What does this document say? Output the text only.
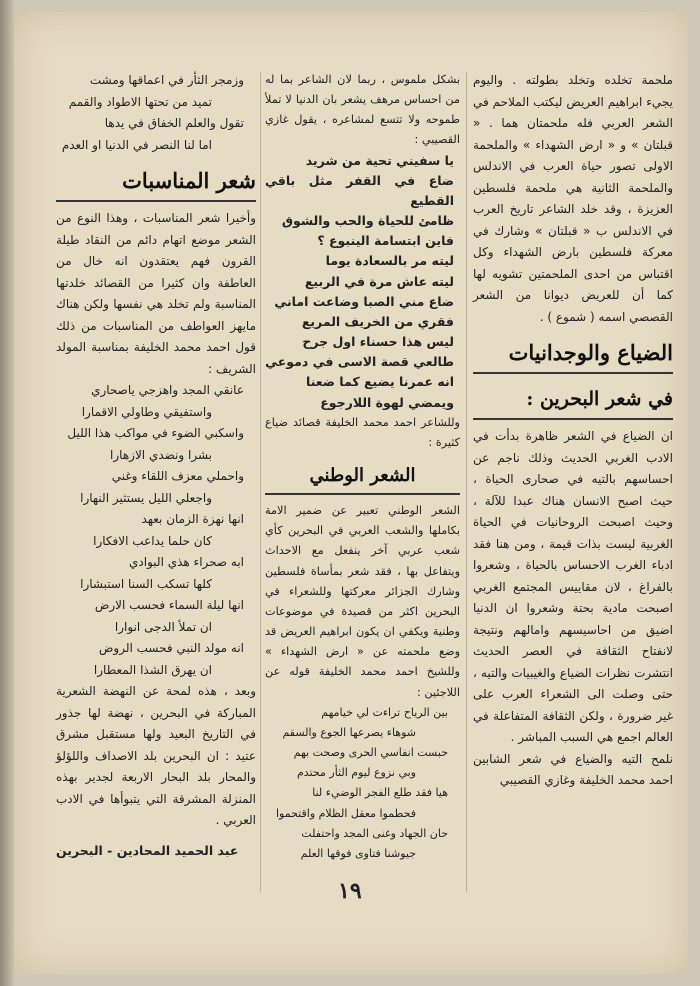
ملحمة تخلده وتخلد بطولته . واليوم يجيء ابراهيم العريض ليكتب الملاحم في الشعر العربي فله ملحمتان هما . « قبلتان » و « ارض الشهداء » والملحمة الاولى تصور حياة العرب في الاندلس والملحمة الثانية هي ملحمة فلسطين العزيزة ، وقد خلد الشاعر تاريخ العرب في الاندلس ب « قبلتان » وشارك في معركة فلسطين بارض الشهداء وكل اقتباس من احدى الملحمتين تشويه لها كما أن للعريض ديوانا من الشعر القصصي اسمه ( شموع ) .

الضياع والوجدانيات
في شعر البحرين :

ان الضياع في الشعر ظاهرة بدأت في الادب الغربي الحديث وذلك ناجم عن احساسهم بالتيه في صحارى الحياة ، حيث اصبح الانسان هناك عبدا للآلة ، وحيث اصبحت الروحانيات في الحياة الغربية ليست بذات قيمة ، ومن هنا فقد ادباء الغرب الاحساس بالحياة ، وشعروا بالفراغ ، لان مقاييس المجتمع الغربي اصبحت مادية بحتة وشعروا ان الدنيا اضيق من احاسيسهم وامالهم ونتيجة لانفتاح الثقافة في العصر الحديث انتشرت نظرات الضياع والغيبيات والتيه ، حتى وصلت الى الشعراء العرب على غير ضرورة ، ولكن الثقافة المتفاعلة في العالم اجمع هي السبب المباشر .

نلمح التيه والضياع في شعر الشابين احمد محمد الخليفة وغازي القصيبي

بشكل ملموس ، ربما لان الشاعر بما له من احساس مرهف يشعر بان الدنيا لا تملأ طموحه ولا تتسع لمشاعره ، يقول غازي القصيبي :

يا سفيني تحية من شريد
ضاع في القفر مثل باقي القطيع
ظامئ للحياة والحب والشوق
فاين ابتسامة الينبوع ؟
ليته مر بالسعادة يوما
ليته عاش مرة في الربيع
ضاع مني الصبا وضاعت اماني
فقري من الخريف المريع
ليس هذا حسناء اول جرح
طالعي قصة الاسى في دموعي
انه عمرنا يضيع كما ضعنا
ويمضي لهوة اللارجوع

وللشاعر احمد محمد الخليفة قصائد ضياع كثيرة :

الشعر الوطني

الشعر الوطني تعبير عن ضمير الامة بكاملها والشعب العربي في البحرين كأي شعب عربي آخر ينفعل مع الاحداث ويتفاعل بها ، فقد شعر بمأساة فلسطين وشارك الجزائر معركتها وللشعراء في البحرين اكثر من قصيدة في موضوعات وطنية ويكفي ان يكون ابراهيم العريض قد وضع ملحمته عن « ارض الشهداء » وللشيخ احمد محمد الخليفة قوله عن اللاجئين :

بين الرياح تراءت لي خيامهم
شوهاء يصرعها الجوع والسقم
حبست انفاسي الحرى وصحت بهم
وبي نزوع ليوم الثأر محتدم
هيا فقد طلع الفجر الوضيء لنا
فحطموا معقل الظلام واقتحموا
حان الجهاد وغنى المجد واحتفلت
جيوشنا فتاوى فوقها العلم
وزمجر الثأر في اعماقها ومشت
تميد من تحتها الاطواد والقمم
تقول والعلم الخفاق في يدها
اما لنا النصر في الدنيا او العدم
شعر المناسبات

وأخيرا شعر المناسبات ، وهذا النوع من الشعر موضع اتهام دائم من النقاد طيلة القرون فهم يعتقدون انه خال من العاطفة وان كثيرا من القصائد خلدتها المناسبة ولم تخلد هي نفسها ولكن هناك مايهز العواطف من المناسبات من ذلك قول احمد محمد الخليفة بمناسبة المولد الشريف :

عانقي المجد واهزجي ياصحاري
واستفيقي وطاولي الاقمارا
واسكبي الضوء في مواكب هذا الليل
بشرا ونضدي الازهارا
واحملي معزف اللقاء وغني
واجعلي الليل يستثير النهارا
انها نهزة الزمان بعهد
كان حلما يداعب الافكارا
ابه صحراء هذي البوادي
كلها تسكب السنا استبشارا
انها ليلة السماء فحسب الارض
ان تملأ الدجى انوارا
انه مولد النبي فحسب الروض
ان يهرق الشذا المعطارا

وبعد ، هذه لمحة عن النهضة الشعرية المباركة في البحرين ، نهضة لها جذور في التاريخ البعيد ولها مستقبل مشرق عتيد : ان البحرين بلد الاصداف واللؤلؤ والمحار بلد البحار الاربعة لجدير بهذه المنزلة المشرقة التي يتبوأها في الادب العربي .

عبد الحميد المحادين - البحرين
١٩
